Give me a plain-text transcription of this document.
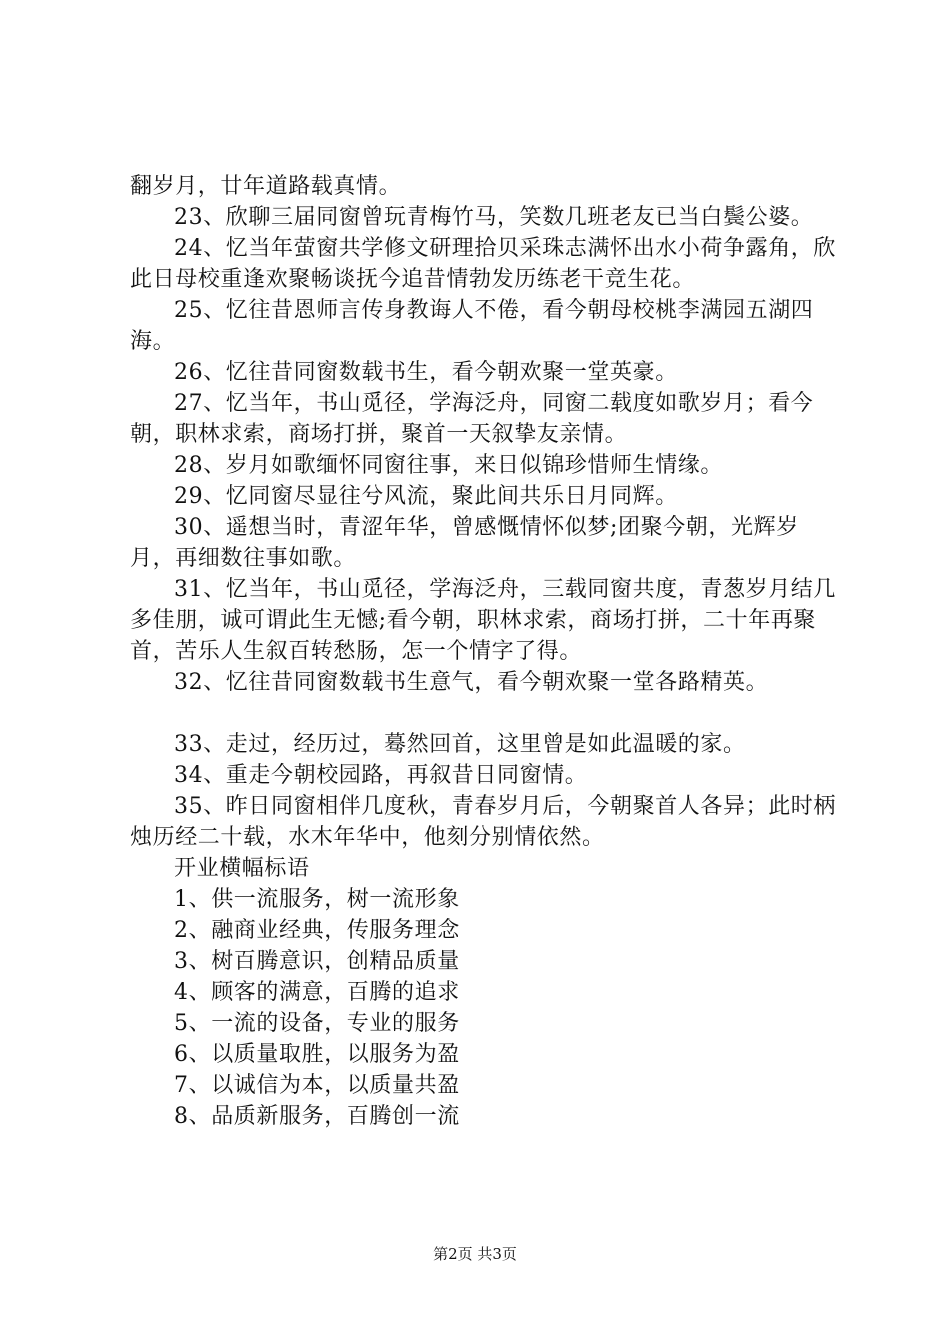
翻岁月，廿年道路载真情。

23、欣聊三届同窗曾玩青梅竹马，笑数几班老友已当白鬓公婆。

24、忆当年萤窗共学修文研理拾贝采珠志满怀出水小荷争露角，欣此日母校重逢欢聚畅谈抚今追昔情勃发历练老干竞生花。

25、忆往昔恩师言传身教诲人不倦，看今朝母校桃李满园五湖四海。

26、忆往昔同窗数载书生，看今朝欢聚一堂英豪。

27、忆当年，书山觅径，学海泛舟，同窗二载度如歌岁月；看今朝，职林求索，商场打拼，聚首一天叙挚友亲情。

28、岁月如歌缅怀同窗往事，来日似锦珍惜师生情缘。

29、忆同窗尽显往兮风流，聚此间共乐日月同辉。

30、遥想当时，青涩年华，曾感慨情怀似梦;团聚今朝，光辉岁月，再细数往事如歌。

31、忆当年，书山觅径，学海泛舟，三载同窗共度，青葱岁月结几多佳朋，诚可谓此生无憾;看今朝，职林求索，商场打拼，二十年再聚首，苦乐人生叙百转愁肠，怎一个情字了得。

32、忆往昔同窗数载书生意气，看今朝欢聚一堂各路精英。

33、走过，经历过，蓦然回首，这里曾是如此温暖的家。

34、重走今朝校园路，再叙昔日同窗情。

35、昨日同窗相伴几度秋，青春岁月后，今朝聚首人各异；此时柄烛历经二十载，水木年华中，他刻分别情依然。

开业横幅标语

1、供一流服务，树一流形象

2、融商业经典，传服务理念

3、树百腾意识，创精品质量

4、顾客的满意，百腾的追求

5、一流的设备，专业的服务

6、以质量取胜，以服务为盈

7、以诚信为本，以质量共盈

8、品质新服务，百腾创一流

第2页 共3页
